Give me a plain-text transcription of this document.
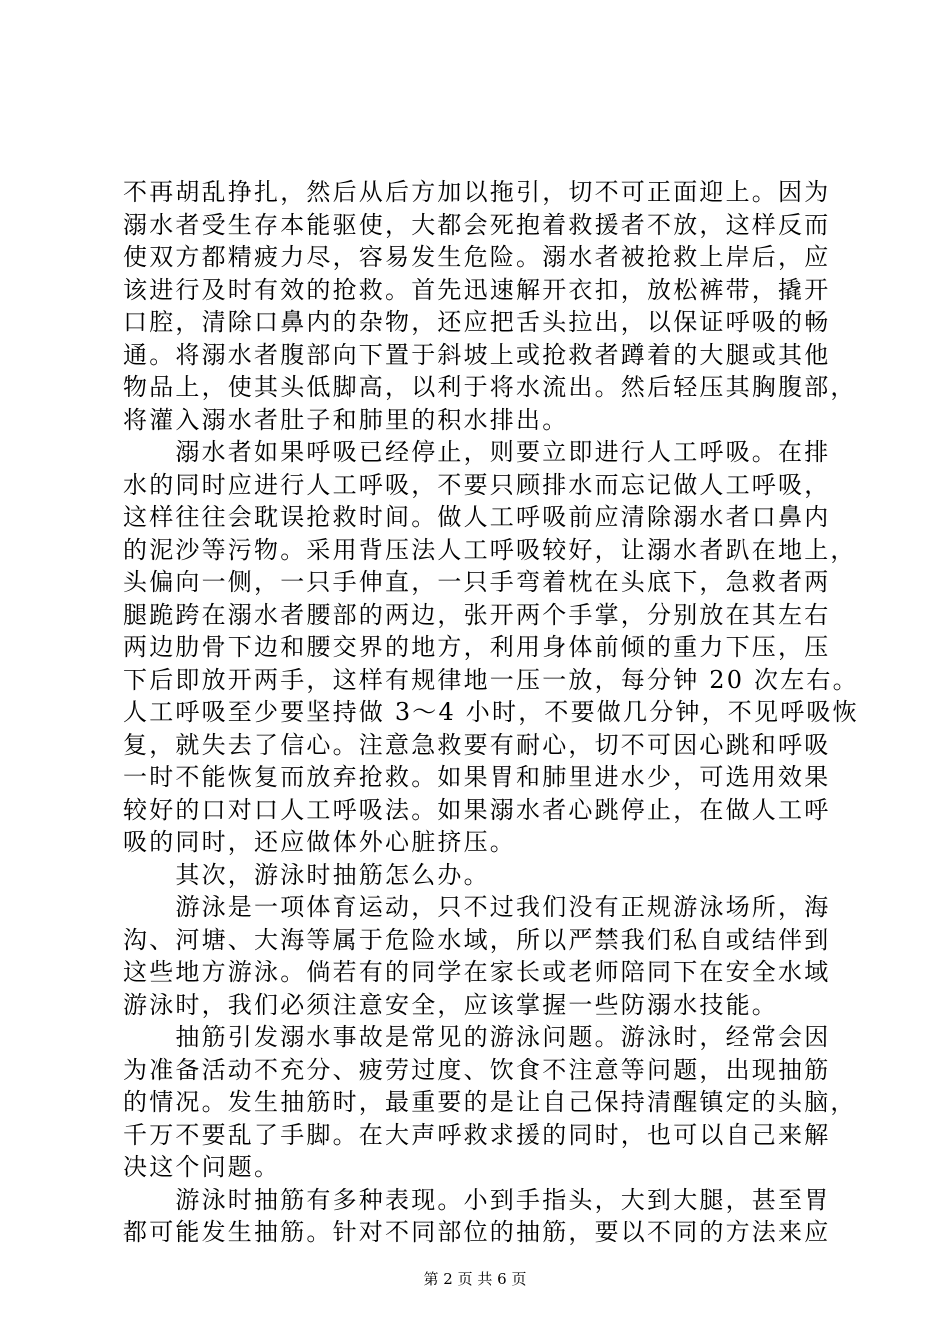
不再胡乱挣扎，然后从后方加以拖引，切不可正面迎上。因为
溺水者受生存本能驱使，大都会死抱着救援者不放，这样反而
使双方都精疲力尽，容易发生危险。溺水者被抢救上岸后，应
该进行及时有效的抢救。首先迅速解开衣扣，放松裤带，撬开
口腔，清除口鼻内的杂物，还应把舌头拉出，以保证呼吸的畅
通。将溺水者腹部向下置于斜坡上或抢救者蹲着的大腿或其他
物品上，使其头低脚高，以利于将水流出。然后轻压其胸腹部，
将灌入溺水者肚子和肺里的积水排出。
　　溺水者如果呼吸已经停止，则要立即进行人工呼吸。在排
水的同时应进行人工呼吸，不要只顾排水而忘记做人工呼吸，
这样往往会耽误抢救时间。做人工呼吸前应清除溺水者口鼻内
的泥沙等污物。采用背压法人工呼吸较好，让溺水者趴在地上，
头偏向一侧，一只手伸直，一只手弯着枕在头底下，急救者两
腿跪跨在溺水者腰部的两边，张开两个手掌，分别放在其左右
两边肋骨下边和腰交界的地方，利用身体前倾的重力下压，压
下后即放开两手，这样有规律地一压一放，每分钟 20 次左右。
人工呼吸至少要坚持做 3～4 小时，不要做几分钟，不见呼吸恢
复，就失去了信心。注意急救要有耐心，切不可因心跳和呼吸
一时不能恢复而放弃抢救。如果胃和肺里进水少，可选用效果
较好的口对口人工呼吸法。如果溺水者心跳停止，在做人工呼
吸的同时，还应做体外心脏挤压。
　　其次，游泳时抽筋怎么办。
　　游泳是一项体育运动，只不过我们没有正规游泳场所，海
沟、河塘、大海等属于危险水域，所以严禁我们私自或结伴到
这些地方游泳。倘若有的同学在家长或老师陪同下在安全水域
游泳时，我们必须注意安全，应该掌握一些防溺水技能。
　　抽筋引发溺水事故是常见的游泳问题。游泳时，经常会因
为准备活动不充分、疲劳过度、饮食不注意等问题，出现抽筋
的情况。发生抽筋时，最重要的是让自己保持清醒镇定的头脑，
千万不要乱了手脚。在大声呼救求援的同时，也可以自己来解
决这个问题。
　　游泳时抽筋有多种表现。小到手指头，大到大腿，甚至胃
都可能发生抽筋。针对不同部位的抽筋，要以不同的方法来应
第 2 页 共 6 页
